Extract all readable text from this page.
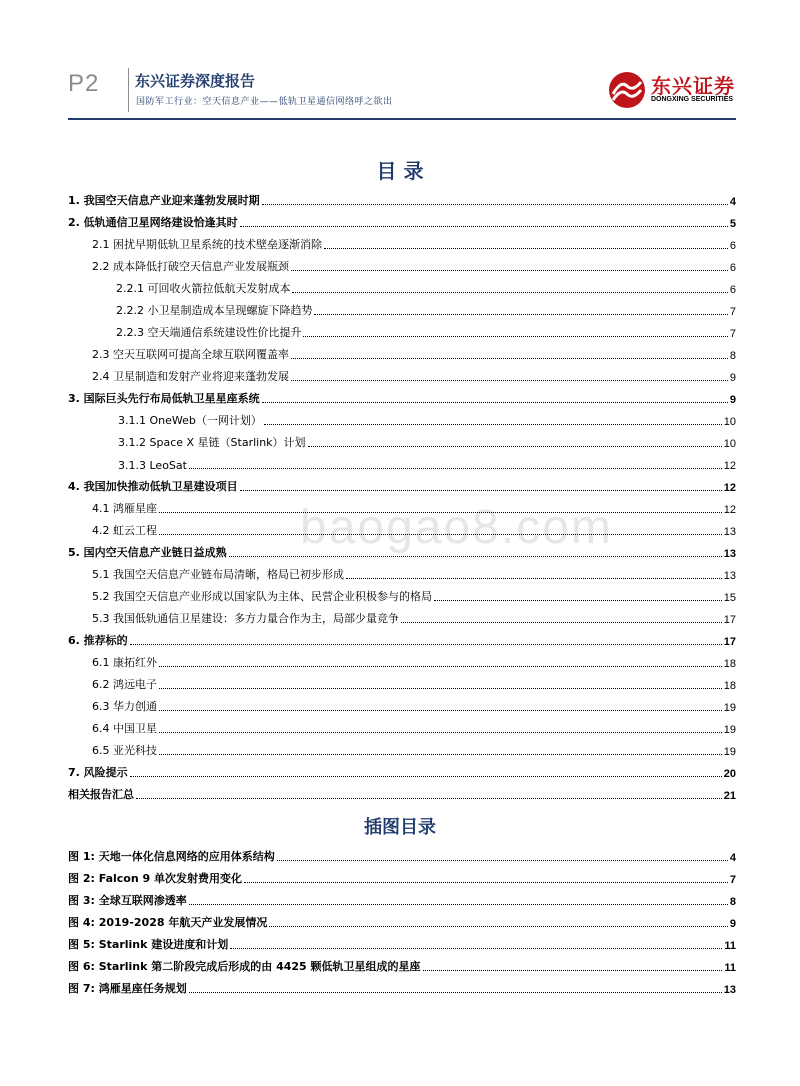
P2 东兴证券深度报告
国防军工行业：空天信息产业——低轨卫星通信网络呼之欲出
东兴证券
DONGXING SECURITIES
baogao8.com
目 录
1. 我国空天信息产业迎来蓬勃发展时期	4
2. 低轨通信卫星网络建设恰逢其时	5
2.1 困扰早期低轨卫星系统的技术壁垒逐渐消除	6
2.2 成本降低打破空天信息产业发展瓶颈	6
2.2.1 可回收火箭拉低航天发射成本	6
2.2.2 小卫星制造成本呈现螺旋下降趋势	7
2.2.3 空天端通信系统建设性价比提升	7
2.3 空天互联网可提高全球互联网覆盖率	8
2.4 卫星制造和发射产业将迎来蓬勃发展	9
3. 国际巨头先行布局低轨卫星星座系统	9
3.1.1 OneWeb（一网计划）	10
3.1.2 Space X 星链（Starlink）计划	10
3.1.3 LeoSat	12
4. 我国加快推动低轨卫星建设项目	12
4.1 鸿雁星座	12
4.2 虹云工程	13
5. 国内空天信息产业链日益成熟	13
5.1 我国空天信息产业链布局清晰，格局已初步形成	13
5.2 我国空天信息产业形成以国家队为主体、民营企业积极参与的格局	15
5.3 我国低轨通信卫星建设：多方力量合作为主，局部少量竞争	17
6. 推荐标的	17
6.1 康拓红外	18
6.2 鸿远电子	18
6.3 华力创通	19
6.4 中国卫星	19
6.5 亚光科技	19
7. 风险提示	20
相关报告汇总	21
插图目录
图 1: 天地一体化信息网络的应用体系结构	4
图 2: Falcon 9 单次发射费用变化	7
图 3: 全球互联网渗透率	8
图 4: 2019-2028 年航天产业发展情况	9
图 5: Starlink 建设进度和计划	11
图 6: Starlink 第二阶段完成后形成的由 4425 颗低轨卫星组成的星座	11
图 7: 鸿雁星座任务规划	13
